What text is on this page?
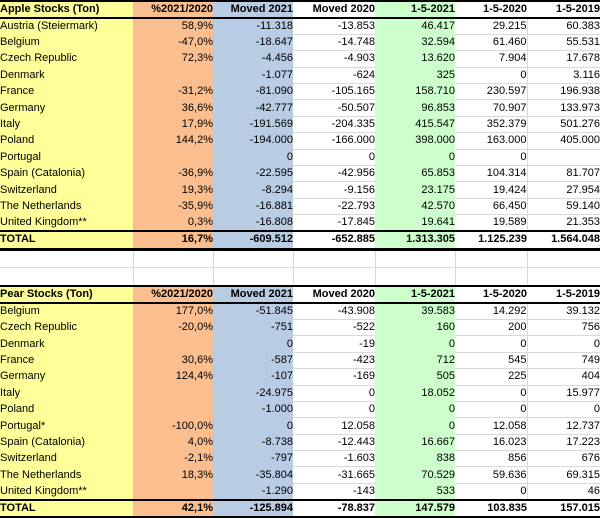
Apple Stocks (Ton)	%2021/2020	Moved 2021	Moved 2020	1-5-2021	1-5-2020	1-5-2019
Austria (Steiermark)	58,9%	-11.318	-13.853	46.417	29.215	60.383
Belgium	-47,0%	-18.647	-14.748	32.594	61.460	55.531
Czech Republic	72,3%	-4.456	-4.903	13.620	7.904	17.678
Denmark		-1.077	-624	325	0	3.116
France	-31,2%	-81.090	-105.165	158.710	230.597	196.938
Germany	36,6%	-42.777	-50.507	96.853	70.907	133.973
Italy	17,9%	-191.569	-204.335	415.547	352.379	501.276
Poland	144,2%	-194.000	-166.000	398.000	163.000	405.000
Portugal		0	0	0	0	
Spain (Catalonia)	-36,9%	-22.595	-42.956	65.853	104.314	81.707
Switzerland	19,3%	-8.294	-9.156	23.175	19.424	27.954
The Netherlands	-35,9%	-16.881	-22.793	42.570	66.450	59.140
United Kingdom**	0,3%	-16.808	-17.845	19.641	19.589	21.353
TOTAL	16,7%	-609.512	-652.885	1.313.305	1.125.239	1.564.048

Pear Stocks (Ton)	%2021/2020	Moved 2021	Moved 2020	1-5-2021	1-5-2020	1-5-2019
Belgium	177,0%	-51.845	-43.908	39.583	14.292	39.132
Czech Republic	-20,0%	-751	-522	160	200	756
Denmark		0	-19	0	0	0
France	30,6%	-587	-423	712	545	749
Germany	124,4%	-107	-169	505	225	404
Italy		-24.975	0	18.052	0	15.977
Poland		-1.000	0	0	0	0
Portugal*	-100,0%	0	12.058	0	12.058	12.737
Spain (Catalonia)	4,0%	-8.738	-12.443	16.667	16.023	17.223
Switzerland	-2,1%	-797	-1.603	838	856	676
The Netherlands	18,3%	-35.804	-31.665	70.529	59.636	69.315
United Kingdom**		-1.290	-143	533	0	46
TOTAL	42,1%	-125.894	-78.837	147.579	103.835	157.015
